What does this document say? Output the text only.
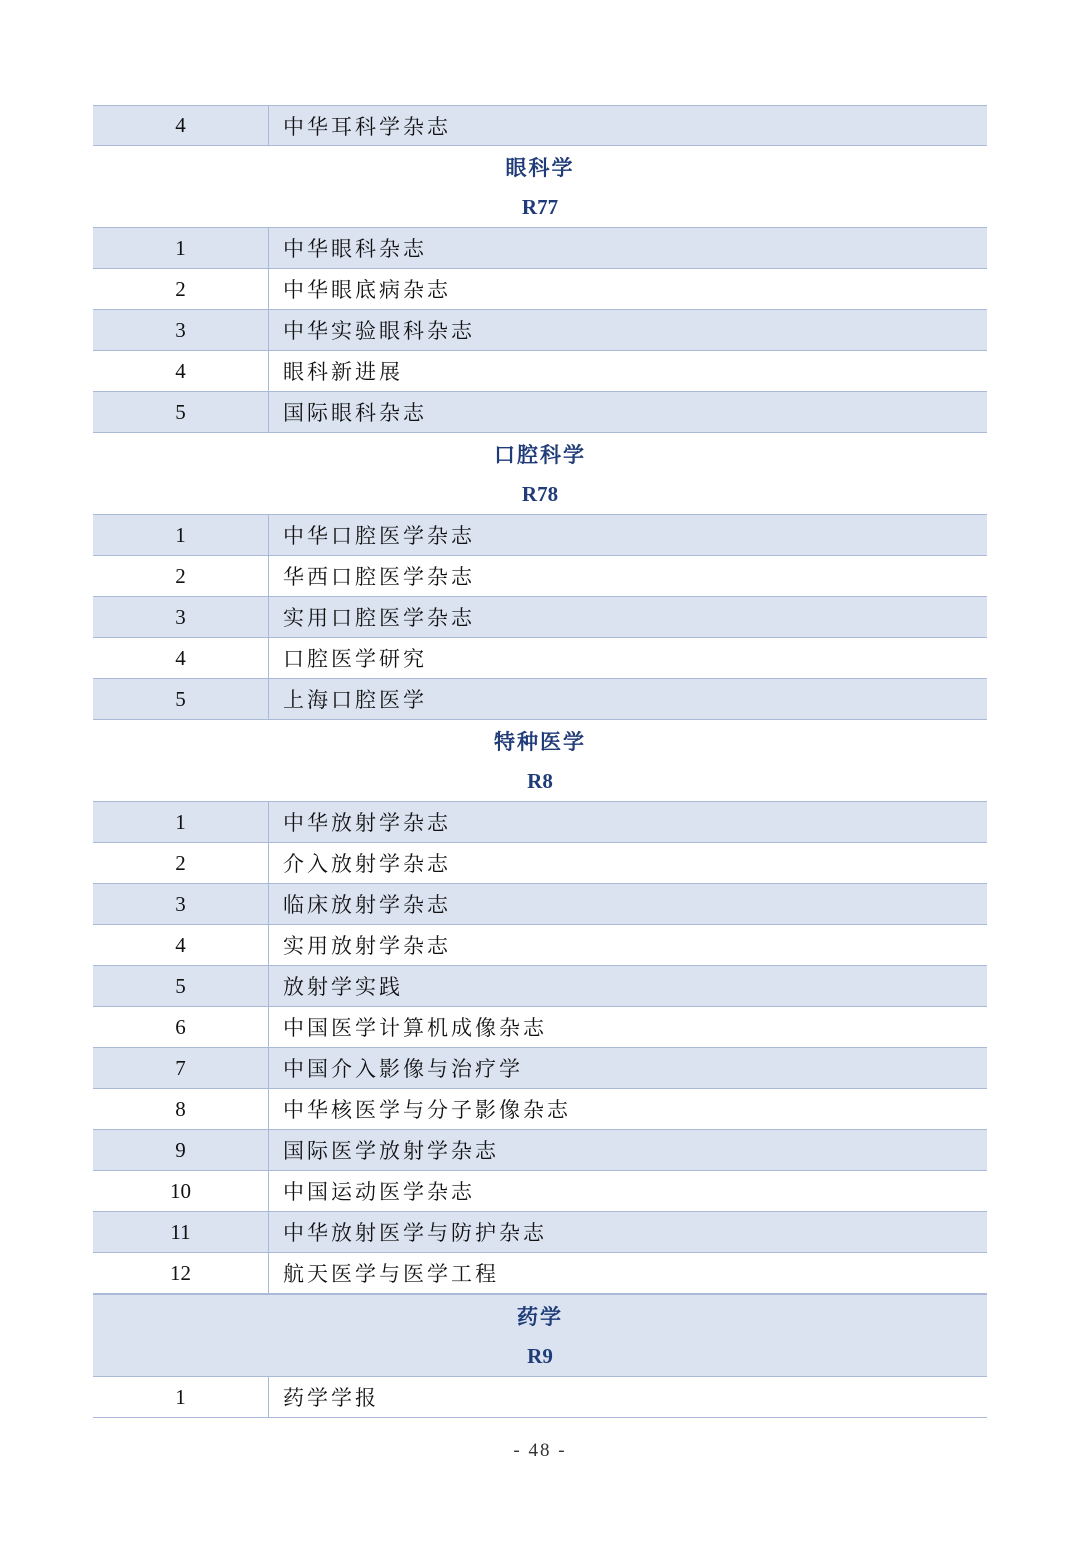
4	中华耳科学杂志
眼科学
R77
1	中华眼科杂志
2	中华眼底病杂志
3	中华实验眼科杂志
4	眼科新进展
5	国际眼科杂志
口腔科学
R78
1	中华口腔医学杂志
2	华西口腔医学杂志
3	实用口腔医学杂志
4	口腔医学研究
5	上海口腔医学
特种医学
R8
1	中华放射学杂志
2	介入放射学杂志
3	临床放射学杂志
4	实用放射学杂志
5	放射学实践
6	中国医学计算机成像杂志
7	中国介入影像与治疗学
8	中华核医学与分子影像杂志
9	国际医学放射学杂志
10	中国运动医学杂志
11	中华放射医学与防护杂志
12	航天医学与医学工程
药学
R9
1	药学学报
- 48 -
